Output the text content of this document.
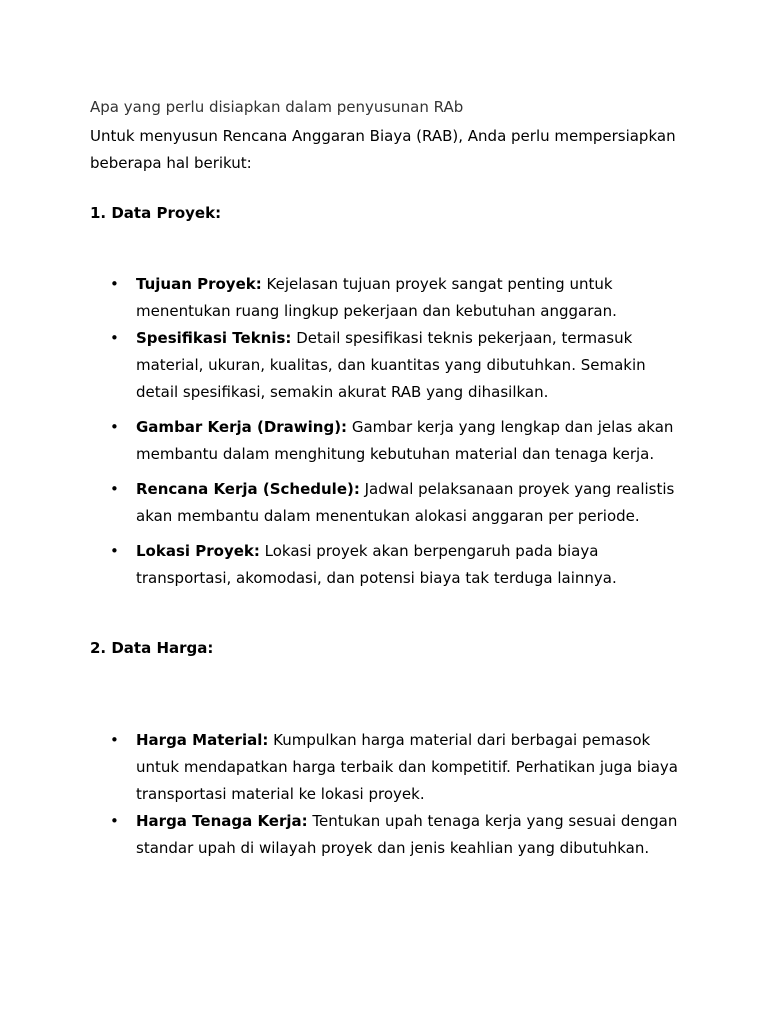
Apa yang perlu disiapkan dalam penyusunan RAb

Untuk menyusun Rencana Anggaran Biaya (RAB), Anda perlu mempersiapkan beberapa hal berikut:

1. Data Proyek:
• Tujuan Proyek: Kejelasan tujuan proyek sangat penting untuk menentukan ruang lingkup pekerjaan dan kebutuhan anggaran.
• Spesifikasi Teknis: Detail spesifikasi teknis pekerjaan, termasuk material, ukuran, kualitas, dan kuantitas yang dibutuhkan. Semakin detail spesifikasi, semakin akurat RAB yang dihasilkan.
• Gambar Kerja (Drawing): Gambar kerja yang lengkap dan jelas akan membantu dalam menghitung kebutuhan material dan tenaga kerja.
• Rencana Kerja (Schedule): Jadwal pelaksanaan proyek yang realistis akan membantu dalam menentukan alokasi anggaran per periode.
• Lokasi Proyek: Lokasi proyek akan berpengaruh pada biaya transportasi, akomodasi, dan potensi biaya tak terduga lainnya.
2. Data Harga:
• Harga Material: Kumpulkan harga material dari berbagai pemasok untuk mendapatkan harga terbaik dan kompetitif. Perhatikan juga biaya transportasi material ke lokasi proyek.
• Harga Tenaga Kerja: Tentukan upah tenaga kerja yang sesuai dengan standar upah di wilayah proyek dan jenis keahlian yang dibutuhkan.
